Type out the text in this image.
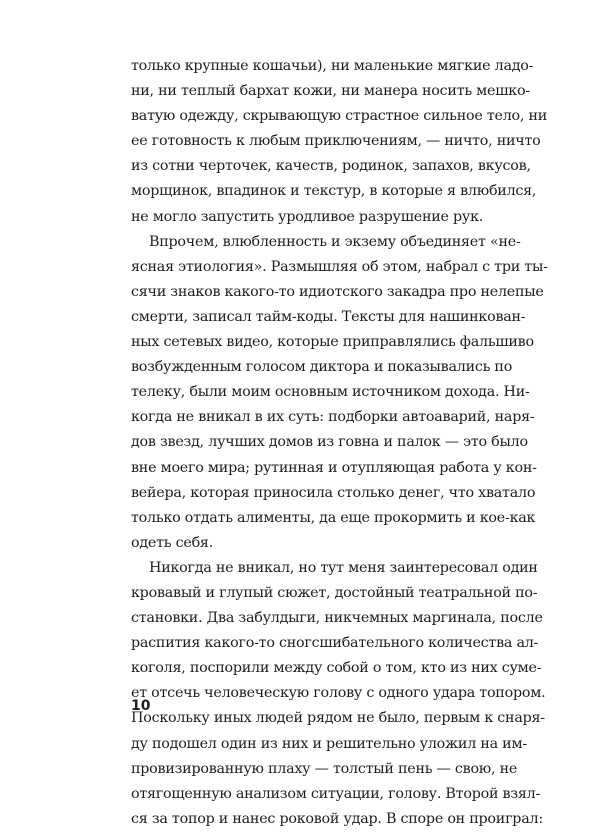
только крупные кошачьи), ни маленькие мягкие ладо-
ни, ни теплый бархат кожи, ни манера носить мешко-
ватую одежду, скрывающую страстное сильное тело, ни
ее готовность к любым приключениям, — ничто, ничто
из сотни черточек, качеств, родинок, запахов, вкусов,
морщинок, впадинок и текстур, в которые я влюбился,
не могло запустить уродливое разрушение рук.
Впрочем, влюбленность и экзему объединяет «не-
ясная этиология». Размышляя об этом, набрал с три ты-
сячи знаков какого-то идиотского закадра про нелепые
смерти, записал тайм-коды. Тексты для нашинкован-
ных сетевых видео, которые приправлялись фальшиво
возбужденным голосом диктора и показывались по
телеку, были моим основным источником дохода. Ни-
когда не вникал в их суть: подборки автоаварий, наря-
дов звезд, лучших домов из говна и палок — это было
вне моего мира; рутинная и отупляющая работа у кон-
вейера, которая приносила столько денег, что хватало
только отдать алименты, да еще прокормить и кое-как
одеть себя.
Никогда не вникал, но тут меня заинтересовал один
кровавый и глупый сюжет, достойный театральной по-
становки. Два забулдыги, никчемных маргинала, после
распития какого-то сногсшибательного количества ал-
коголя, поспорили между собой о том, кто из них суме-
ет отсечь человеческую голову с одного удара топором.
Поскольку иных людей рядом не было, первым к снаря-
ду подошел один из них и решительно уложил на им-
провизированную плаху — толстый пень — свою, не
отягощенную анализом ситуации, голову. Второй взял-
ся за топор и нанес роковой удар. В споре он проиграл:
10
